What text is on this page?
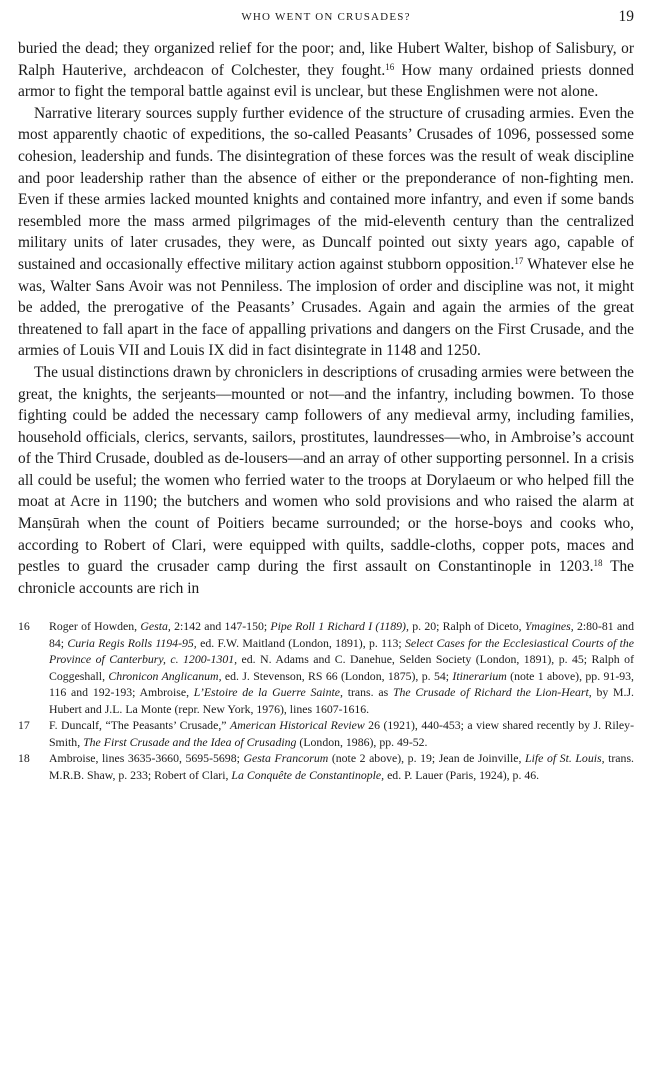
WHO WENT ON CRUSADES?	19

buried the dead; they organized relief for the poor; and, like Hubert Walter, bishop of Salisbury, or Ralph Hauterive, archdeacon of Colchester, they fought.$^{16}$ How many ordained priests donned armor to fight the temporal battle against evil is unclear, but these Englishmen were not alone.

Narrative literary sources supply further evidence of the structure of crusading armies. Even the most apparently chaotic of expeditions, the so-called Peasants’ Crusades of 1096, possessed some cohesion, leadership and funds. The disintegration of these forces was the result of weak discipline and poor leadership rather than the absence of either or the preponderance of non-fighting men. Even if these armies lacked mounted knights and contained more infantry, and even if some bands resembled more the mass armed pilgrimages of the mid-eleventh century than the centralized military units of later crusades, they were, as Duncalf pointed out sixty years ago, capable of sustained and occasionally effective military action against stubborn opposition.$^{17}$ Whatever else he was, Walter Sans Avoir was not Penniless. The implosion of order and discipline was not, it might be added, the prerogative of the Peasants’ Crusades. Again and again the armies of the great threatened to fall apart in the face of appalling privations and dangers on the First Crusade, and the armies of Louis VII and Louis IX did in fact disintegrate in 1148 and 1250.

The usual distinctions drawn by chroniclers in descriptions of crusading armies were between the great, the knights, the serjeants—mounted or not—and the infantry, including bowmen. To those fighting could be added the necessary camp followers of any medieval army, including families, household officials, clerics, servants, sailors, prostitutes, laundresses—who, in Ambroise’s account of the Third Crusade, doubled as de-lousers—and an array of other supporting personnel. In a crisis all could be useful; the women who ferried water to the troops at Dorylaeum or who helped fill the moat at Acre in 1190; the butchers and women who sold provisions and who raised the alarm at Manṣūrah when the count of Poitiers became surrounded; or the horse-boys and cooks who, according to Robert of Clari, were equipped with quilts, saddle-cloths, copper pots, maces and pestles to guard the crusader camp during the first assault on Constantinople in 1203.18 The chronicle accounts are rich in

16	Roger of Howden, Gesta, 2:142 and 147-150; Pipe Roll 1 Richard I (1189), p. 20; Ralph of Diceto, Ymagines, 2:80-81 and 84; Curia Regis Rolls 1194-95, ed. F.W. Maitland (London, 1891), p. 113; Select Cases for the Ecclesiastical Courts of the Province of Canterbury, c. 1200-1301, ed. N. Adams and C. Danehue, Selden Society (London, 1891), p. 45; Ralph of Coggeshall, Chronicon Anglicanum, ed. J. Stevenson, RS 66 (London, 1875), p. 54; Itinerarium (note 1 above), pp. 91-93, 116 and 192-193; Ambroise, L’Estoire de la Guerre Sainte, trans. as The Crusade of Richard the Lion-Heart, by M.J. Hubert and J.L. La Monte (repr. New York, 1976), lines 1607-1616.
17	F. Duncalf, “The Peasants’ Crusade,” American Historical Review 26 (1921), 440-453; a view shared recently by J. Riley-Smith, The First Crusade and the Idea of Crusading (London, 1986), pp. 49-52.
18	Ambroise, lines 3635-3660, 5695-5698; Gesta Francorum (note 2 above), p. 19; Jean de Joinville, Life of St. Louis, trans. M.R.B. Shaw, p. 233; Robert of Clari, La Conquête de Constantinople, ed. P. Lauer (Paris, 1924), p. 46.
